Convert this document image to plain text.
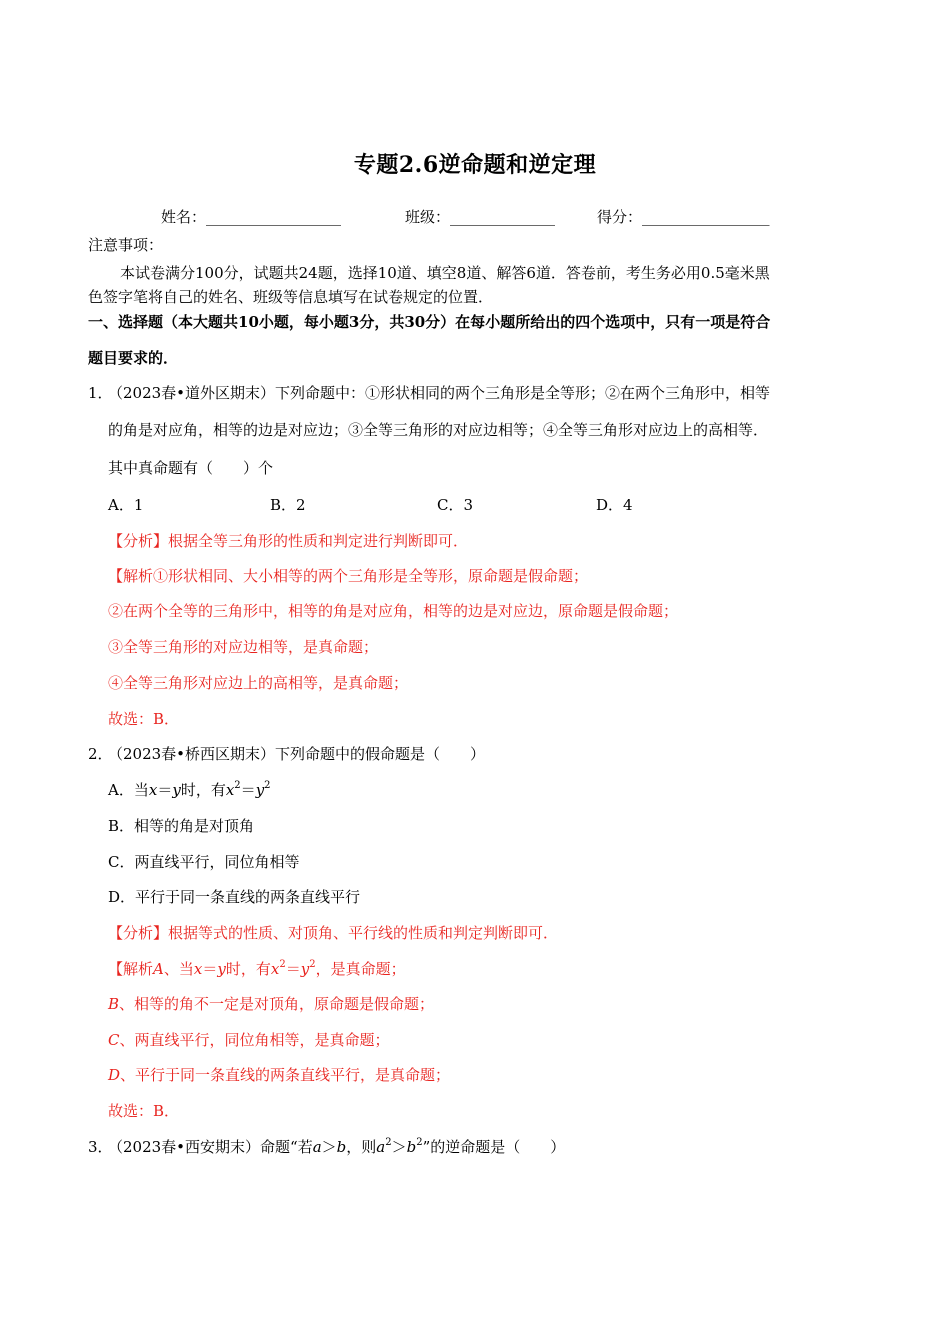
专题2.6逆命题和逆定理
姓名：__________________	班级：______________	得分：_________________
注意事项：
本试卷满分100分，试题共24题，选择10道、填空8道、解答6道．答卷前，考生务必用0.5毫米黑
色签字笔将自己的姓名、班级等信息填写在试卷规定的位置．
一、选择题（本大题共10小题，每小题3分，共30分）在每小题所给出的四个选项中，只有一项是符合
题目要求的．
1．
（2023春•道外区期末）下列命题中：①形状相同的两个三角形是全等形；②在两个三角形中，相等
的角是对应角，相等的边是对应边；③全等三角形的对应边相等；④全等三角形对应边上的高相等．
其中真命题有（　　）个
A．1	B．2	C．3	D．4
【分析】根据全等三角形的性质和判定进行判断即可．
【解析①形状相同、大小相等的两个三角形是全等形，原命题是假命题；
②在两个全等的三角形中，相等的角是对应角，相等的边是对应边，原命题是假命题；
③全等三角形的对应边相等，是真命题；
④全等三角形对应边上的高相等，是真命题；
故选：B．
2．
（2023春•桥西区期末）下列命题中的假命题是（　　）
A．当x＝y时，有$x^2=y^2$
B．相等的角是对顶角
C．两直线平行，同位角相等
D．平行于同一条直线的两条直线平行
【分析】根据等式的性质、对顶角、平行线的性质和判定判断即可．
【解析A、当x＝y时，有$x^2=y^2$，是真命题；
B、相等的角不一定是对顶角，原命题是假命题；
C、两直线平行，同位角相等，是真命题；
D、平行于同一条直线的两条直线平行，是真命题；
故选：B．
3．
（2023春•西安期末）命题“若a＞b，则$a^2>b^2$”的逆命题是（　　）
